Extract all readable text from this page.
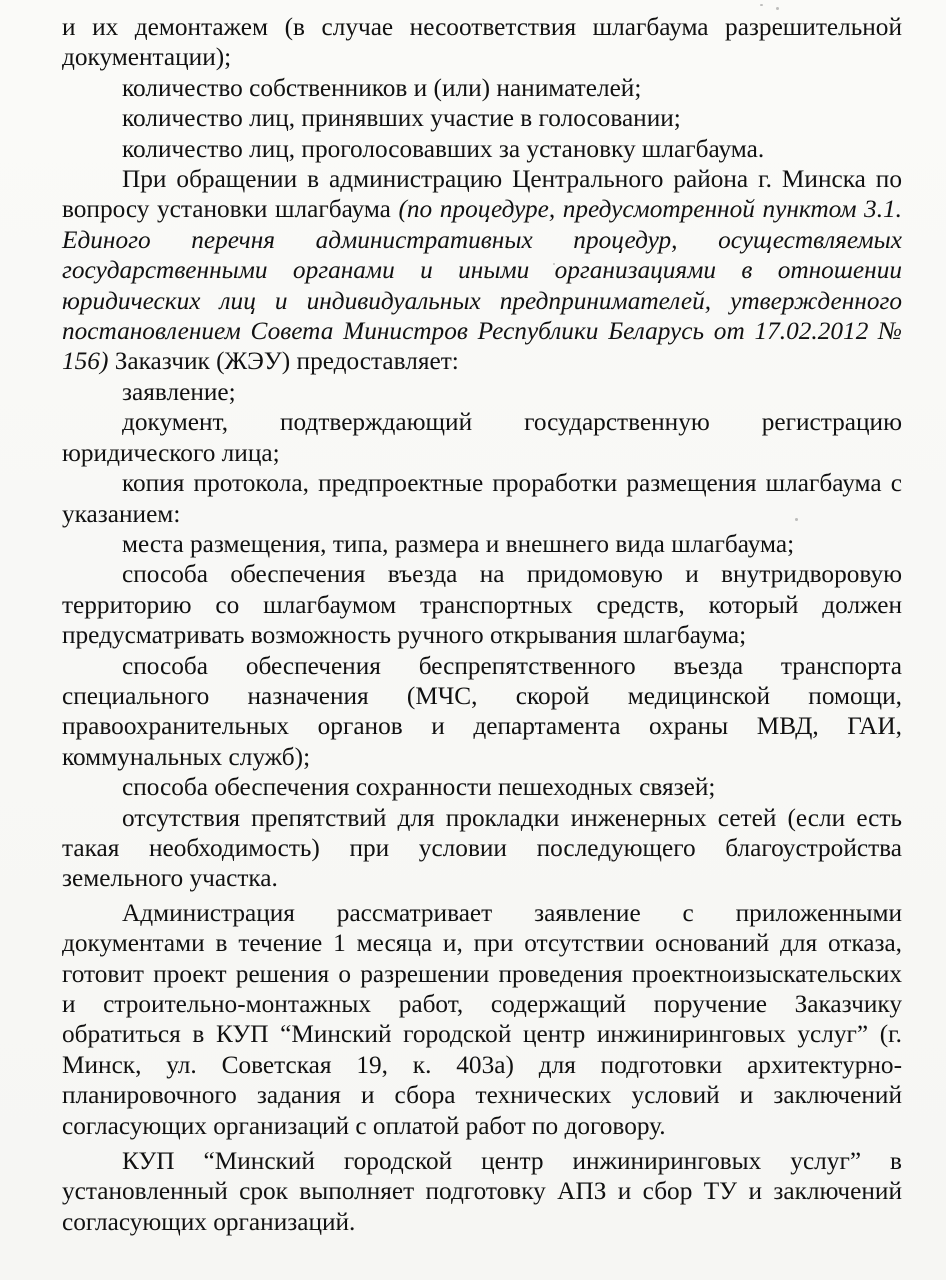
и их демонтажем (в случае несоответствия шлагбаума разрешительной документации);

количество собственников и (или) нанимателей;

количество лиц, принявших участие в голосовании;

количество лиц, проголосовавших за установку шлагбаума.

При обращении в администрацию Центрального района г. Минска по вопросу установки шлагбаума (по процедуре, предусмотренной пунктом 3.1. Единого перечня административных процедур, осуществляемых государственными органами и иными организациями в отношении юридических лиц и индивидуальных предпринимателей, утвержденного постановлением Совета Министров Республики Беларусь от 17.02.2012 № 156) Заказчик (ЖЭУ) предоставляет:

заявление;

документ, подтверждающий государственную регистрацию юридического лица;

копия протокола, предпроектные проработки размещения шлагбаума с указанием:

места размещения, типа, размера и внешнего вида шлагбаума;

способа обеспечения въезда на придомовую и внутридворовую территорию со шлагбаумом транспортных средств, который должен предусматривать возможность ручного открывания шлагбаума;

способа обеспечения беспрепятственного въезда транспорта специального назначения (МЧС, скорой медицинской помощи, правоохранительных органов и департамента охраны МВД, ГАИ, коммунальных служб);

способа обеспечения сохранности пешеходных связей;

отсутствия препятствий для прокладки инженерных сетей (если есть такая необходимость) при условии последующего благоустройства земельного участка.

Администрация рассматривает заявление с приложенными документами в течение 1 месяца и, при отсутствии оснований для отказа, готовит проект решения о разрешении проведения проектноизыскательских и строительно-монтажных работ, содержащий поручение Заказчику обратиться в КУП “Минский городской центр инжиниринговых услуг” (г. Минск, ул. Советская 19, к. 403а) для подготовки архитектурно-планировочного задания и сбора технических условий и заключений согласующих организаций с оплатой работ по договору.

КУП “Минский городской центр инжиниринговых услуг” в установленный срок выполняет подготовку АПЗ и сбор ТУ и заключений согласующих организаций.
